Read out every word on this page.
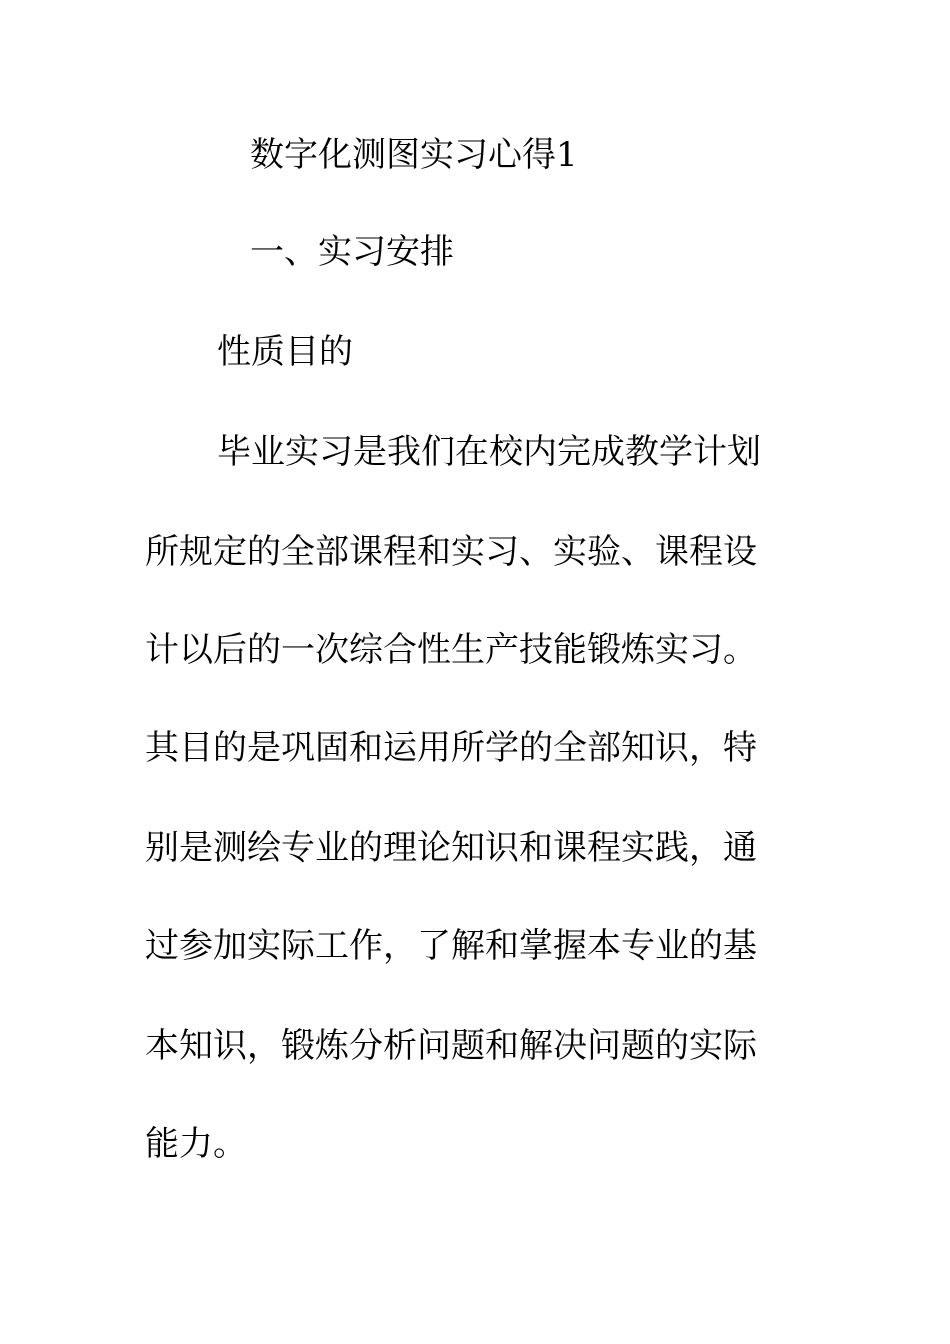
数字化测图实习心得1
一、实习安排
性质目的
毕业实习是我们在校内完成教学计划
所规定的全部课程和实习、实验、课程设
计以后的一次综合性生产技能锻炼实习。
其目的是巩固和运用所学的全部知识，特
别是测绘专业的理论知识和课程实践，通
过参加实际工作，了解和掌握本专业的基
本知识，锻炼分析问题和解决问题的实际
能力。
